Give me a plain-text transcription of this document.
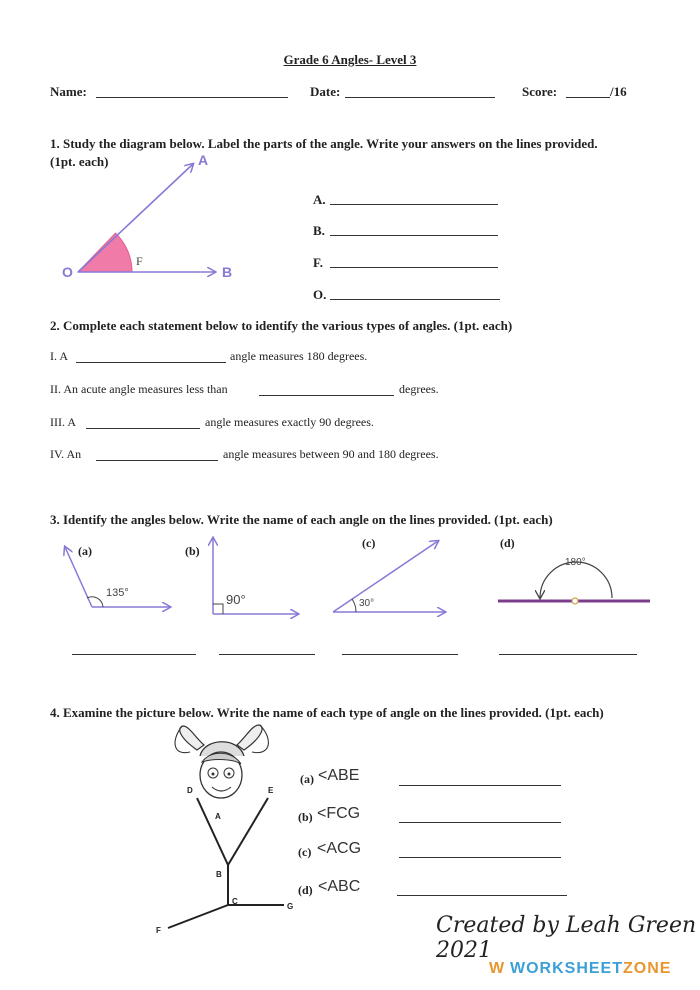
Grade 6 Angles- Level 3
Name:	Date:	Score:	/16
1. Study the diagram below. Label the parts of the angle. Write your answers on the lines provided.
(1pt. each)	A
B
O
F
A.
B.
F.
O.
2. Complete each statement below to identify the various types of angles. (1pt. each)
I. A	angle measures 180 degrees.
II. An acute angle measures less than	degrees.
III. A	angle measures exactly 90 degrees.
IV. An	angle measures between 90 and 180 degrees.
3. Identify the angles below. Write the name of each angle on the lines provided. (1pt. each)
(a)	(b)
(c)	(d)
135°	90°	30°
180°
4. Examine the picture below. Write the name of each type of angle on the lines provided. (1pt. each)
D	E
A
B
C
G
F
(a) <ABE
(b) <FCG
(c) <ACG
(d) <ABC
Created by Leah Green 2021
W WORKSHEETZONE
